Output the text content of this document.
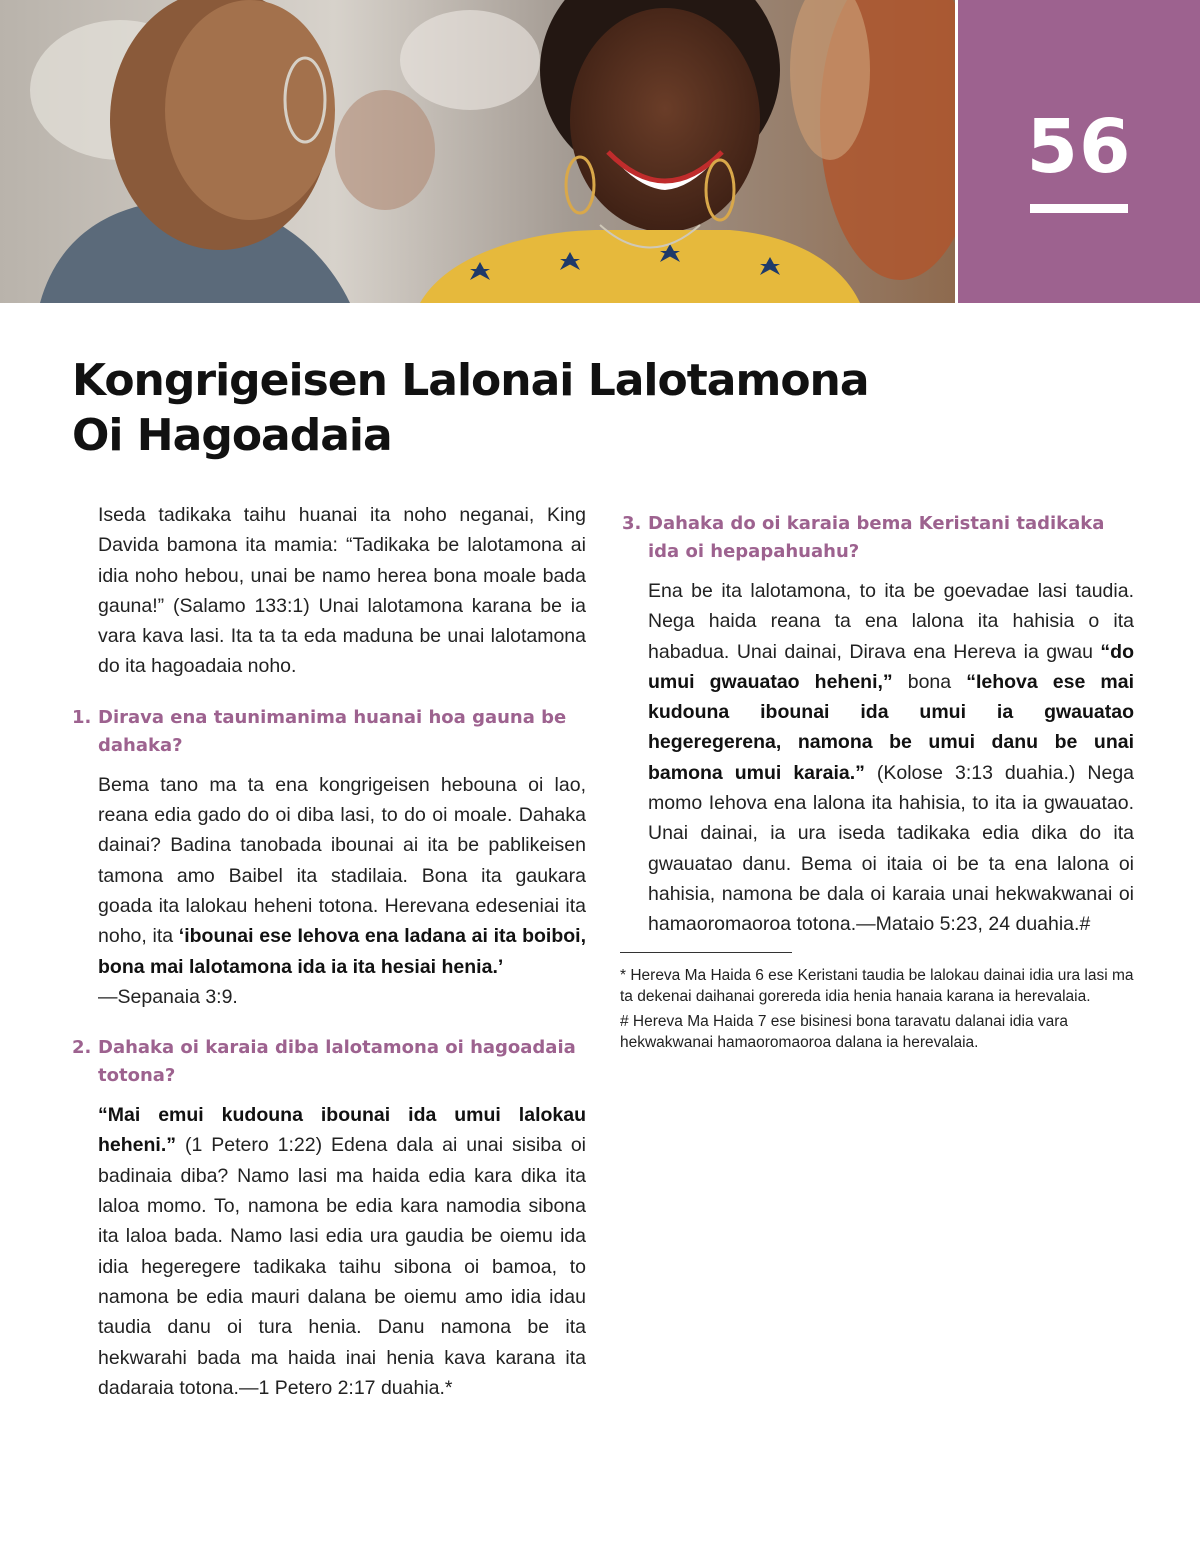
56
Kongrigeisen Lalonai Lalotamona
Oi Hagoadaia

Iseda tadikaka taihu huanai ita noho neganai, King Davida bamona ita mamia: “Tadikaka be lalotamona ai idia noho hebou, unai be namo herea bona moale bada gauna!” (Salamo 133:1) Unai lalotamona karana be ia vara kava lasi. Ita ta ta eda maduna be unai lalotamona do ita hagoadaia noho.

1. Dirava ena taunimanima huanai hoa gauna be dahaka?

Bema tano ma ta ena kongrigeisen hebouna oi lao, reana edia gado do oi diba lasi, to do oi moale. Dahaka dainai? Badina tanobada ibounai ai ita be pablikeisen tamona amo Baibel ita stadilaia. Bona ita gaukara goada ita lalokau heheni totona. Herevana edeseniai ita noho, ita ‘ibounai ese Iehova ena ladana ai ita boiboi, bona mai lalotamona ida ia ita hesiai henia.’
—Sepanaia 3:9.

2. Dahaka oi karaia diba lalotamona oi hagoadaia totona?

“Mai emui kudouna ibounai ida umui lalokau heheni.” (1 Petero 1:22) Edena dala ai unai sisiba oi badinaia diba? Namo lasi ma haida edia kara dika ita laloa momo. To, namona be edia kara namodia sibona ita laloa bada. Namo lasi edia ura gaudia be oiemu ida idia hegeregere tadikaka taihu sibona oi bamoa, to namona be edia mauri dalana be oiemu amo idia idau taudia danu oi tura henia. Danu namona be ita hekwarahi bada ma haida inai henia kava karana ita dadaraia totona.—1 Petero 2:17 duahia.*

3. Dahaka do oi karaia bema Keristani tadikaka ida oi hepapahuahu?

Ena be ita lalotamona, to ita be goevadae lasi taudia. Nega haida reana ta ena lalona ita hahisia o ita habadua. Unai dainai, Dirava ena Hereva ia gwau “do umui gwauatao heheni,” bona “Iehova ese mai kudouna ibounai ida umui ia gwauatao hegeregerena, namona be umui danu be unai bamona umui karaia.” (Kolose 3:13 duahia.) Nega momo Iehova ena lalona ita hahisia, to ita ia gwauatao. Unai dainai, ia ura iseda tadikaka edia dika do ita gwauatao danu. Bema oi itaia oi be ta ena lalona oi hahisia, namona be dala oi karaia unai hekwakwanai oi hamaoromaoroa totona.—Mataio 5:23, 24 duahia.#

* Hereva Ma Haida 6 ese Keristani taudia be lalokau dainai idia ura lasi ma ta dekenai daihanai gorereda idia henia hanaia karana ia herevalaia.

# Hereva Ma Haida 7 ese bisinesi bona taravatu dalanai idia vara hekwakwanai hamaoromaoroa dalana ia herevalaia.
